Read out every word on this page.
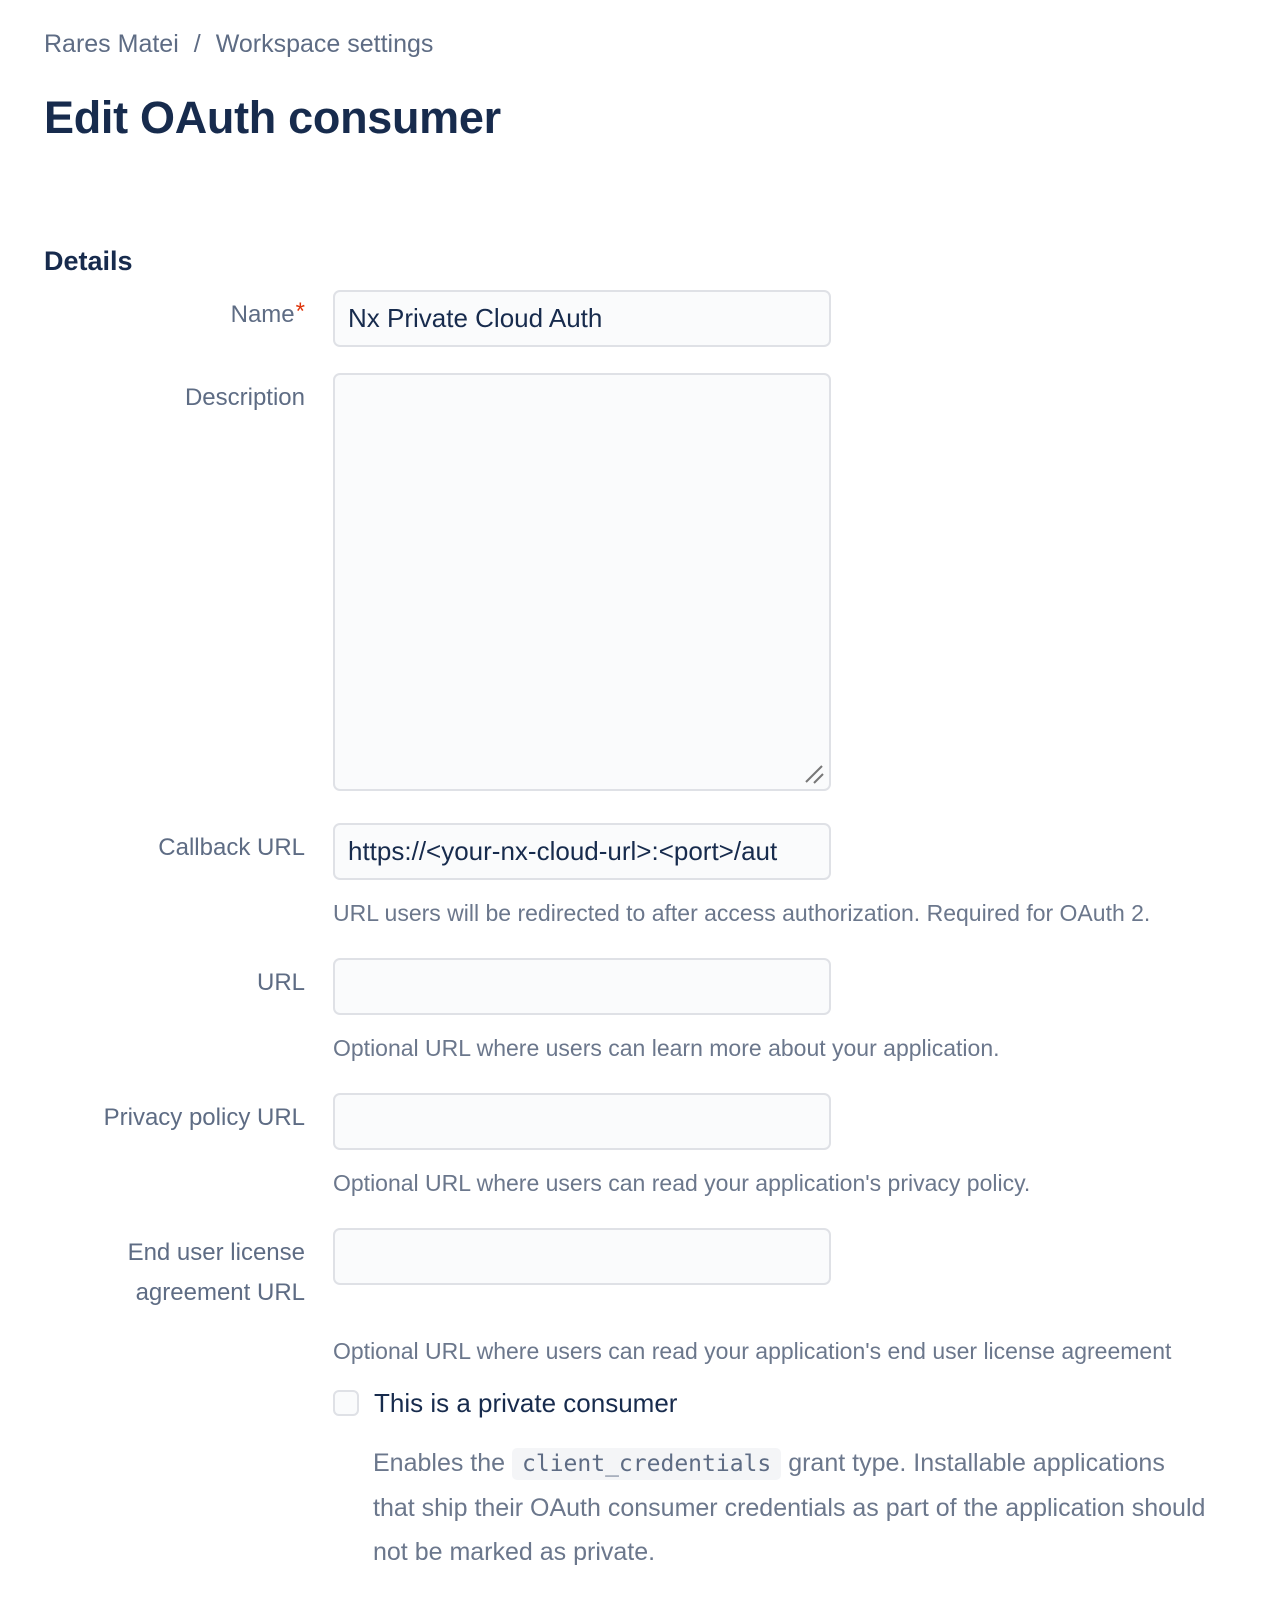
Rares Matei / Workspace settings
Edit OAuth consumer
Details
Name*
Nx Private Cloud Auth
Description
Callback URL
https://<your-nx-cloud-url>:<port>/aut

URL users will be redirected to after access authorization. Required for OAuth 2.

URL

Optional URL where users can learn more about your application.

Privacy policy URL

Optional URL where users can read your application's privacy policy.

End user license agreement URL

Optional URL where users can read your application's end user license agreement

This is a private consumer

Enables the client_credentials grant type. Installable applications that ship their OAuth consumer credentials as part of the application should not be marked as private.
